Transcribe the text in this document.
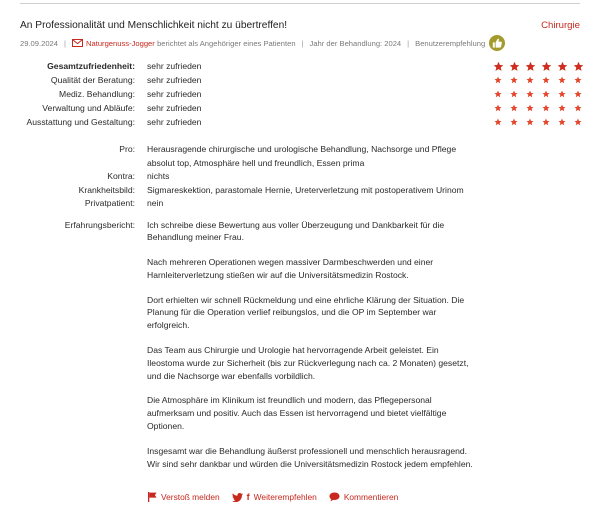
An Professionalität und Menschlichkeit nicht zu übertreffen!	Chirurgie
29.09.2024 |	Naturgenuss-Jogger berichtet als Angehöriger eines Patienten | Jahr der Behandlung: 2024 | Benutzerempfehlung
Gesamtzufriedenheit: sehr zufrieden
Qualität der Beratung: sehr zufrieden
Mediz. Behandlung: sehr zufrieden
Verwaltung und Abläufe: sehr zufrieden
Ausstattung und Gestaltung: sehr zufrieden
Pro: Herausragende chirurgische und urologische Behandlung, Nachsorge und Pflege
absolut top, Atmosphäre hell und freundlich, Essen prima
Kontra: nichts
Krankheitsbild: Sigmareskektion, parastomale Hernie, Ureterverletzung mit postoperativem Urinom
Privatpatient: nein
Erfahrungsbericht: Ich schreibe diese Bewertung aus voller Überzeugung und Dankbarkeit für die
Behandlung meiner Frau.
Nach mehreren Operationen wegen massiver Darmbeschwerden und einer
Harnleiterverletzung stießen wir auf die Universitätsmedizin Rostock.
Dort erhielten wir schnell Rückmeldung und eine ehrliche Klärung der Situation. Die
Planung für die Operation verlief reibungslos, und die OP im September war
erfolgreich.
Das Team aus Chirurgie und Urologie hat hervorragende Arbeit geleistet. Ein
Ileostoma wurde zur Sicherheit (bis zur Rückverlegung nach ca. 2 Monaten) gesetzt,
und die Nachsorge war ebenfalls vorbildlich.
Die Atmosphäre im Klinikum ist freundlich und modern, das Pflegepersonal
aufmerksam und positiv. Auch das Essen ist hervorragend und bietet vielfältige
Optionen.
Insgesamt war die Behandlung äußerst professionell und menschlich herausragend.
Wir sind sehr dankbar und würden die Universitätsmedizin Rostock jedem empfehlen.
Verstoß melden	f Weiterempfehlen	Kommentieren
